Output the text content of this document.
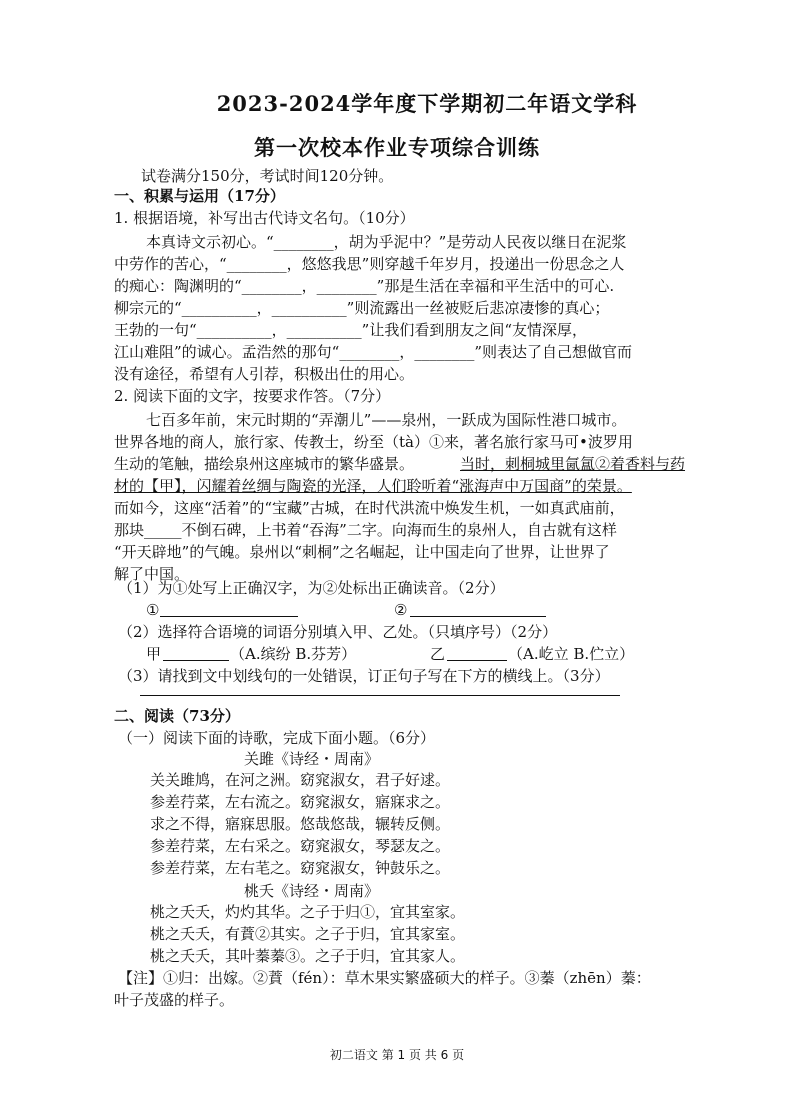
2023-2024学年度下学期初二年语文学科
第一次校本作业专项综合训练
试卷满分150分，考试时间120分钟。
一、积累与运用（17分）
1. 根据语境，补写出古代诗文名句。（10分）
本真诗文示初心。“________，胡为乎泥中？”是劳动人民夜以继日在泥浆
中劳作的苦心，“________，悠悠我思”则穿越千年岁月，投递出一份思念之人
的痴心：陶渊明的“________，________”那是生活在幸福和平生活中的可心.
柳宗元的“__________，__________”则流露出一丝被贬后悲凉凄惨的真心；
王勃的一句“__________，__________”让我们看到朋友之间“友情深厚，
江山难阻”的诚心。孟浩然的那句“________，________”则表达了自己想做官而
没有途径，希望有人引荐，积极出仕的用心。
2. 阅读下面的文字，按要求作答。（7分）
七百多年前，宋元时期的“弄潮儿”——泉州，一跃成为国际性港口城市。
世界各地的商人，旅行家、传教士，纷至（tà）①来，著名旅行家马可•波罗用
生动的笔触，描绘泉州这座城市的繁华盛景。	当时，刺桐城里氤氲②着香料与药
材的【甲】，闪耀着丝绸与陶瓷的光泽，人们聆听着“涨海声中万国商”的荣景。
而如今，这座“活着”的“宝藏”古城，在时代洪流中焕发生机，一如真武庙前，
那块_____不倒石碑，上书着“吞海”二字。向海而生的泉州人，自古就有这样
“开天辟地”的气魄。泉州以“刺桐”之名崛起，让中国走向了世界，让世界了
解了中国。
（1）为①处写上正确汉字，为②处标出正确读音。（2分）
①	②
（2）选择符合语境的词语分别填入甲、乙处。（只填序号）（2分）
甲	（A.缤纷 B.芬芳）	乙	（A.屹立 B.伫立）
（3）请找到文中划线句的一处错误，订正句子写在下方的横线上。（3分）
二、阅读（73分）
（一）阅读下面的诗歌，完成下面小题。（6分）
关雎《诗经・周南》
关关雎鸠，在河之洲。窈窕淑女，君子好逑。
参差荇菜，左右流之。窈窕淑女，寤寐求之。
求之不得，寤寐思服。悠哉悠哉，辗转反侧。
参差荇菜，左右采之。窈窕淑女，琴瑟友之。
参差荇菜，左右芼之。窈窕淑女，钟鼓乐之。
桃夭《诗经・周南》
桃之夭夭，灼灼其华。之子于归①，宜其室家。
桃之夭夭，有蕡②其实。之子于归，宜其家室。
桃之夭夭，其叶蓁蓁③。之子于归，宜其家人。
【注】①归：出嫁。②蕡（fén）：草木果实繁盛硕大的样子。③蓁（zhēn）蓁：
叶子茂盛的样子。
初二语文 第 1 页 共 6 页
